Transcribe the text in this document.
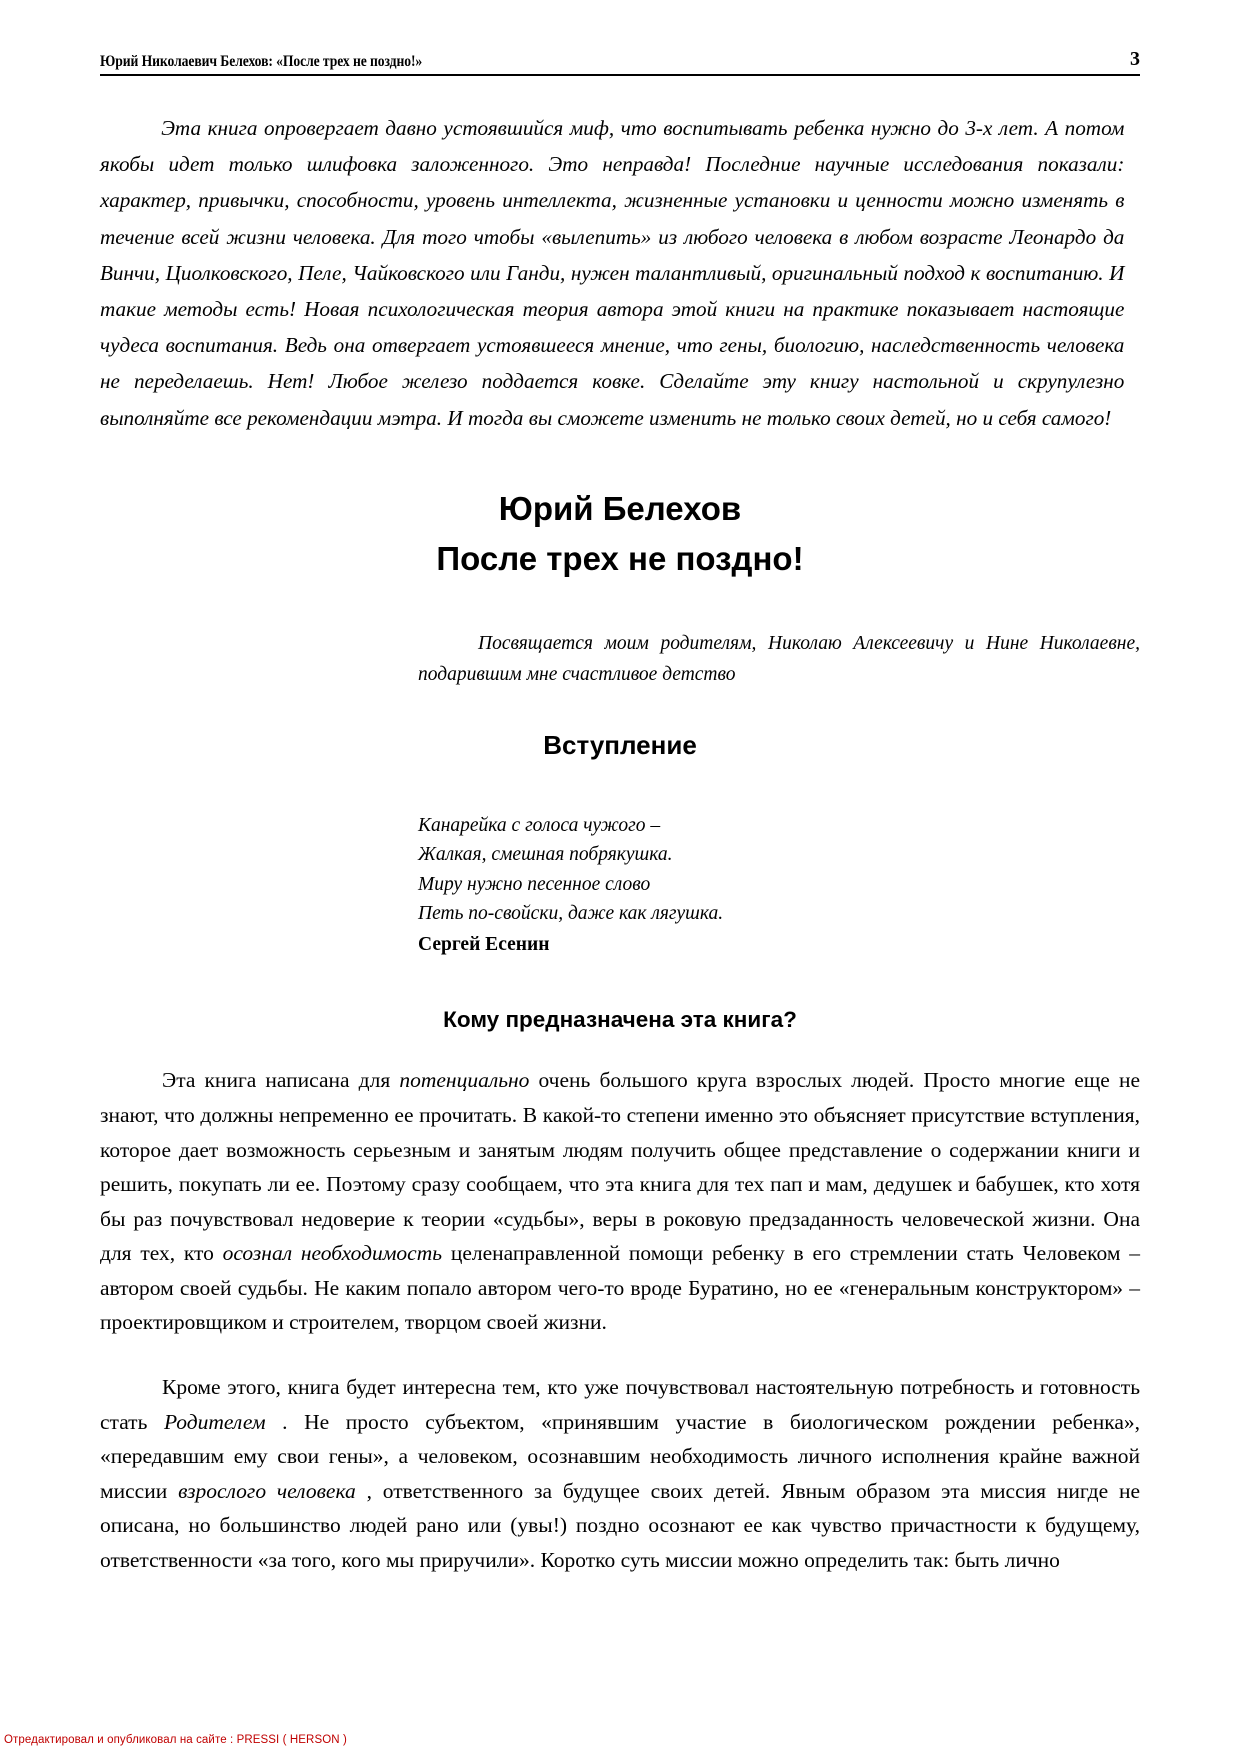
Юрий Николаевич Белехов: «После трех не поздно!»	3

Эта книга опровергает давно устоявшийся миф, что воспитывать ребенка нужно до 3-х лет. А потом якобы идет только шлифовка заложенного. Это неправда! Последние научные исследования показали: характер, привычки, способности, уровень интеллекта, жизненные установки и ценности можно изменять в течение всей жизни человека. Для того чтобы «вылепить» из любого человека в любом возрасте Леонардо да Винчи, Циолковского, Пеле, Чайковского или Ганди, нужен талантливый, оригинальный подход к воспитанию. И такие методы есть! Новая психологическая теория автора этой книги на практике показывает настоящие чудеса воспитания. Ведь она отвергает устоявшееся мнение, что гены, биологию, наследственность человека не переделаешь. Нет! Любое железо поддается ковке. Сделайте эту книгу настольной и скрупулезно выполняйте все рекомендации мэтра. И тогда вы сможете изменить не только своих детей, но и себя самого!

Юрий Белехов
После трех не поздно!

Посвящается моим родителям, Николаю Алексеевичу и Нине Николаевне, подарившим мне счастливое детство

Вступление
Канарейка с голоса чужого –
Жалкая, смешная побрякушка.
Миру нужно песенное слово
Петь по-свойски, даже как лягушка.
Сергей Есенин
Кому предназначена эта книга?

Эта книга написана для потенциально очень большого круга взрослых людей. Просто многие еще не знают, что должны непременно ее прочитать. В какой-то степени именно это объясняет присутствие вступления, которое дает возможность серьезным и занятым людям получить общее представление о содержании книги и решить, покупать ли ее. Поэтому сразу сообщаем, что эта книга для тех пап и мам, дедушек и бабушек, кто хотя бы раз почувствовал недоверие к теории «судьбы», веры в роковую предзаданность человеческой жизни. Она для тех, кто осознал необходимость целенаправленной помощи ребенку в его стремлении стать Человеком – автором своей судьбы. Не каким попало автором чего-то вроде Буратино, но ее «генеральным конструктором» – проектировщиком и строителем, творцом своей жизни.

Кроме этого, книга будет интересна тем, кто уже почувствовал настоятельную потребность и готовность стать Родителем . Не просто субъектом, «принявшим участие в биологическом рождении ребенка», «передавшим ему свои гены», а человеком, осознавшим необходимость личного исполнения крайне важной миссии взрослого человека , ответственного за будущее своих детей. Явным образом эта миссия нигде не описана, но большинство людей рано или (увы!) поздно осознают ее как чувство причастности к будущему, ответственности «за того, кого мы приручили». Коротко суть миссии можно определить так: быть лично

Отредактировал и опубликовал на сайте : PRESSI ( HERSON )
